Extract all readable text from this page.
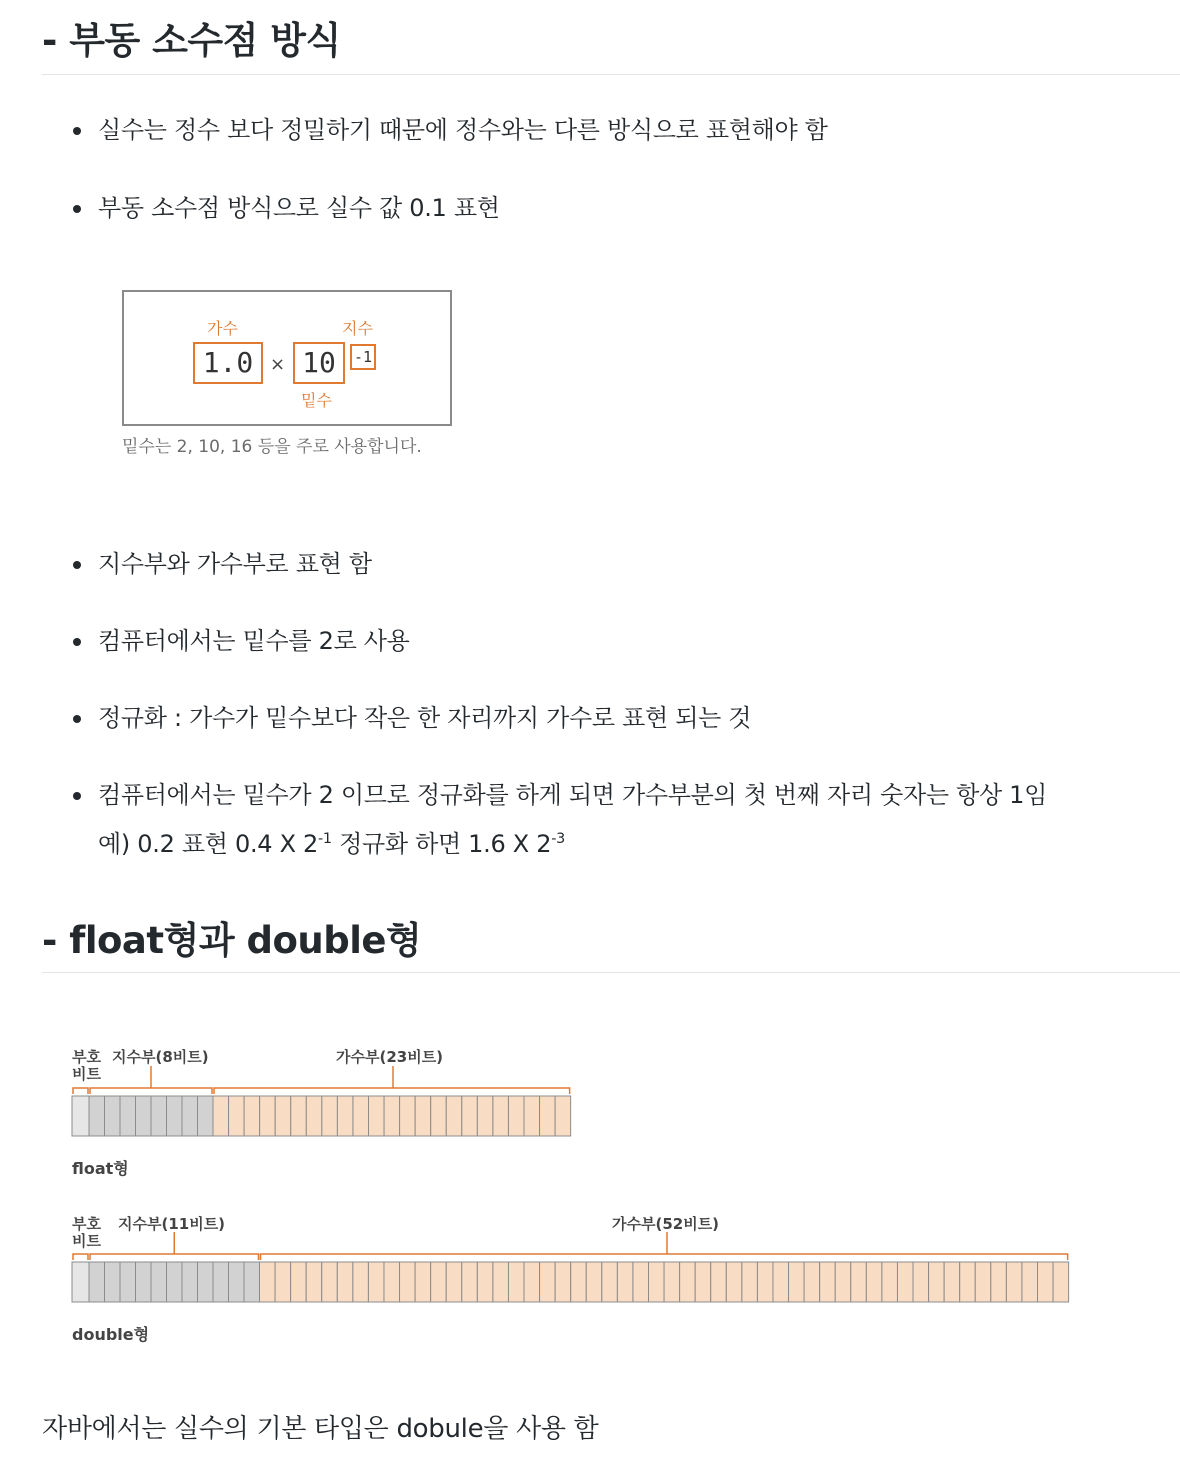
- 부동 소수점 방식
실수는 정수 보다 정밀하기 때문에 정수와는 다른 방식으로 표현해야 함
부동 소수점 방식으로 실수 값 0.1 표현
가수	지수
1.0 × 10	-1
밑수
밑수는 2, 10, 16 등을 주로 사용합니다.
지수부와 가수부로 표현 함
컴퓨터에서는 밑수를 2로 사용
정규화 : 가수가 밑수보다 작은 한 자리까지 가수로 표현 되는 것
컴퓨터에서는 밑수가 2 이므로 정규화를 하게 되면 가수부분의 첫 번째 자리 숫자는 항상 1임
예) 0.2 표현 0.4 X $2^{-1}$ 정규화 하면 1.6 X $2^{-3}$
- float형과 double형
부호
비트
지수부(8비트)	가수부(23비트)
float형
부호
비트
지수부(11비트)	가수부(52비트)
double형

자바에서는 실수의 기본 타입은 dobule을 사용 함
